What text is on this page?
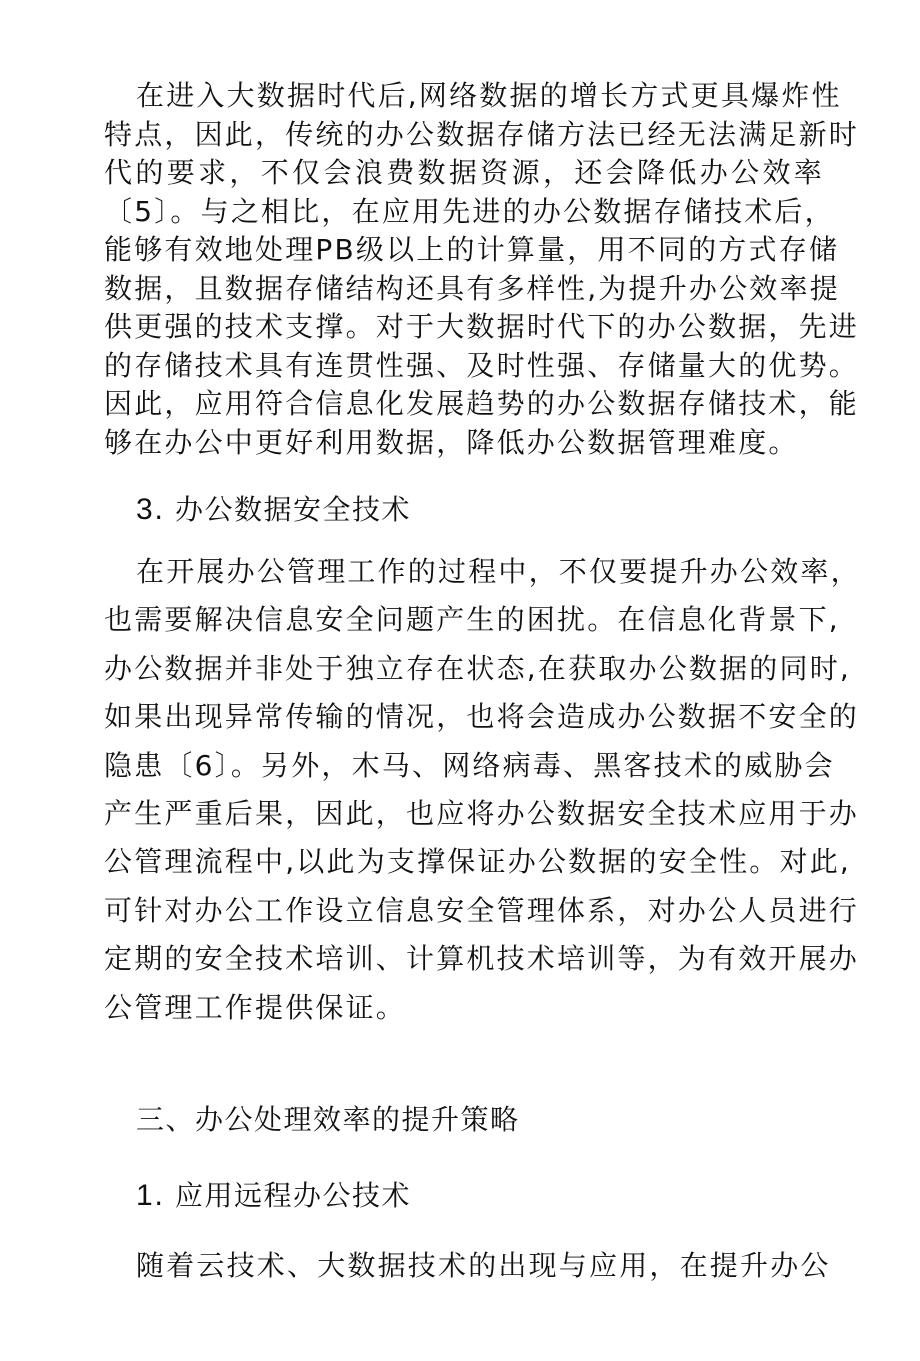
在进入大数据时代后,网络数据的增长方式更具爆炸性
特点，因此，传统的办公数据存储方法已经无法满足新时
代的要求，不仅会浪费数据资源，还会降低办公效率
〔5〕。与之相比，在应用先进的办公数据存储技术后，
能够有效地处理PB级以上的计算量，用不同的方式存储
数据，且数据存储结构还具有多样性,为提升办公效率提
供更强的技术支撑。对于大数据时代下的办公数据，先进
的存储技术具有连贯性强、及时性强、存储量大的优势。
因此，应用符合信息化发展趋势的办公数据存储技术，能
够在办公中更好利用数据，降低办公数据管理难度。
3. 办公数据安全技术
在开展办公管理工作的过程中，不仅要提升办公效率，
也需要解决信息安全问题产生的困扰。在信息化背景下,
办公数据并非处于独立存在状态,在获取办公数据的同时,
如果出现异常传输的情况，也将会造成办公数据不安全的
隐患〔6〕。另外，木马、网络病毒、黑客技术的威胁会
产生严重后果，因此，也应将办公数据安全技术应用于办
公管理流程中,以此为支撑保证办公数据的安全性。对此,
可针对办公工作设立信息安全管理体系，对办公人员进行
定期的安全技术培训、计算机技术培训等，为有效开展办
公管理工作提供保证。
三、办公处理效率的提升策略
1. 应用远程办公技术
随着云技术、大数据技术的出现与应用，在提升办公
